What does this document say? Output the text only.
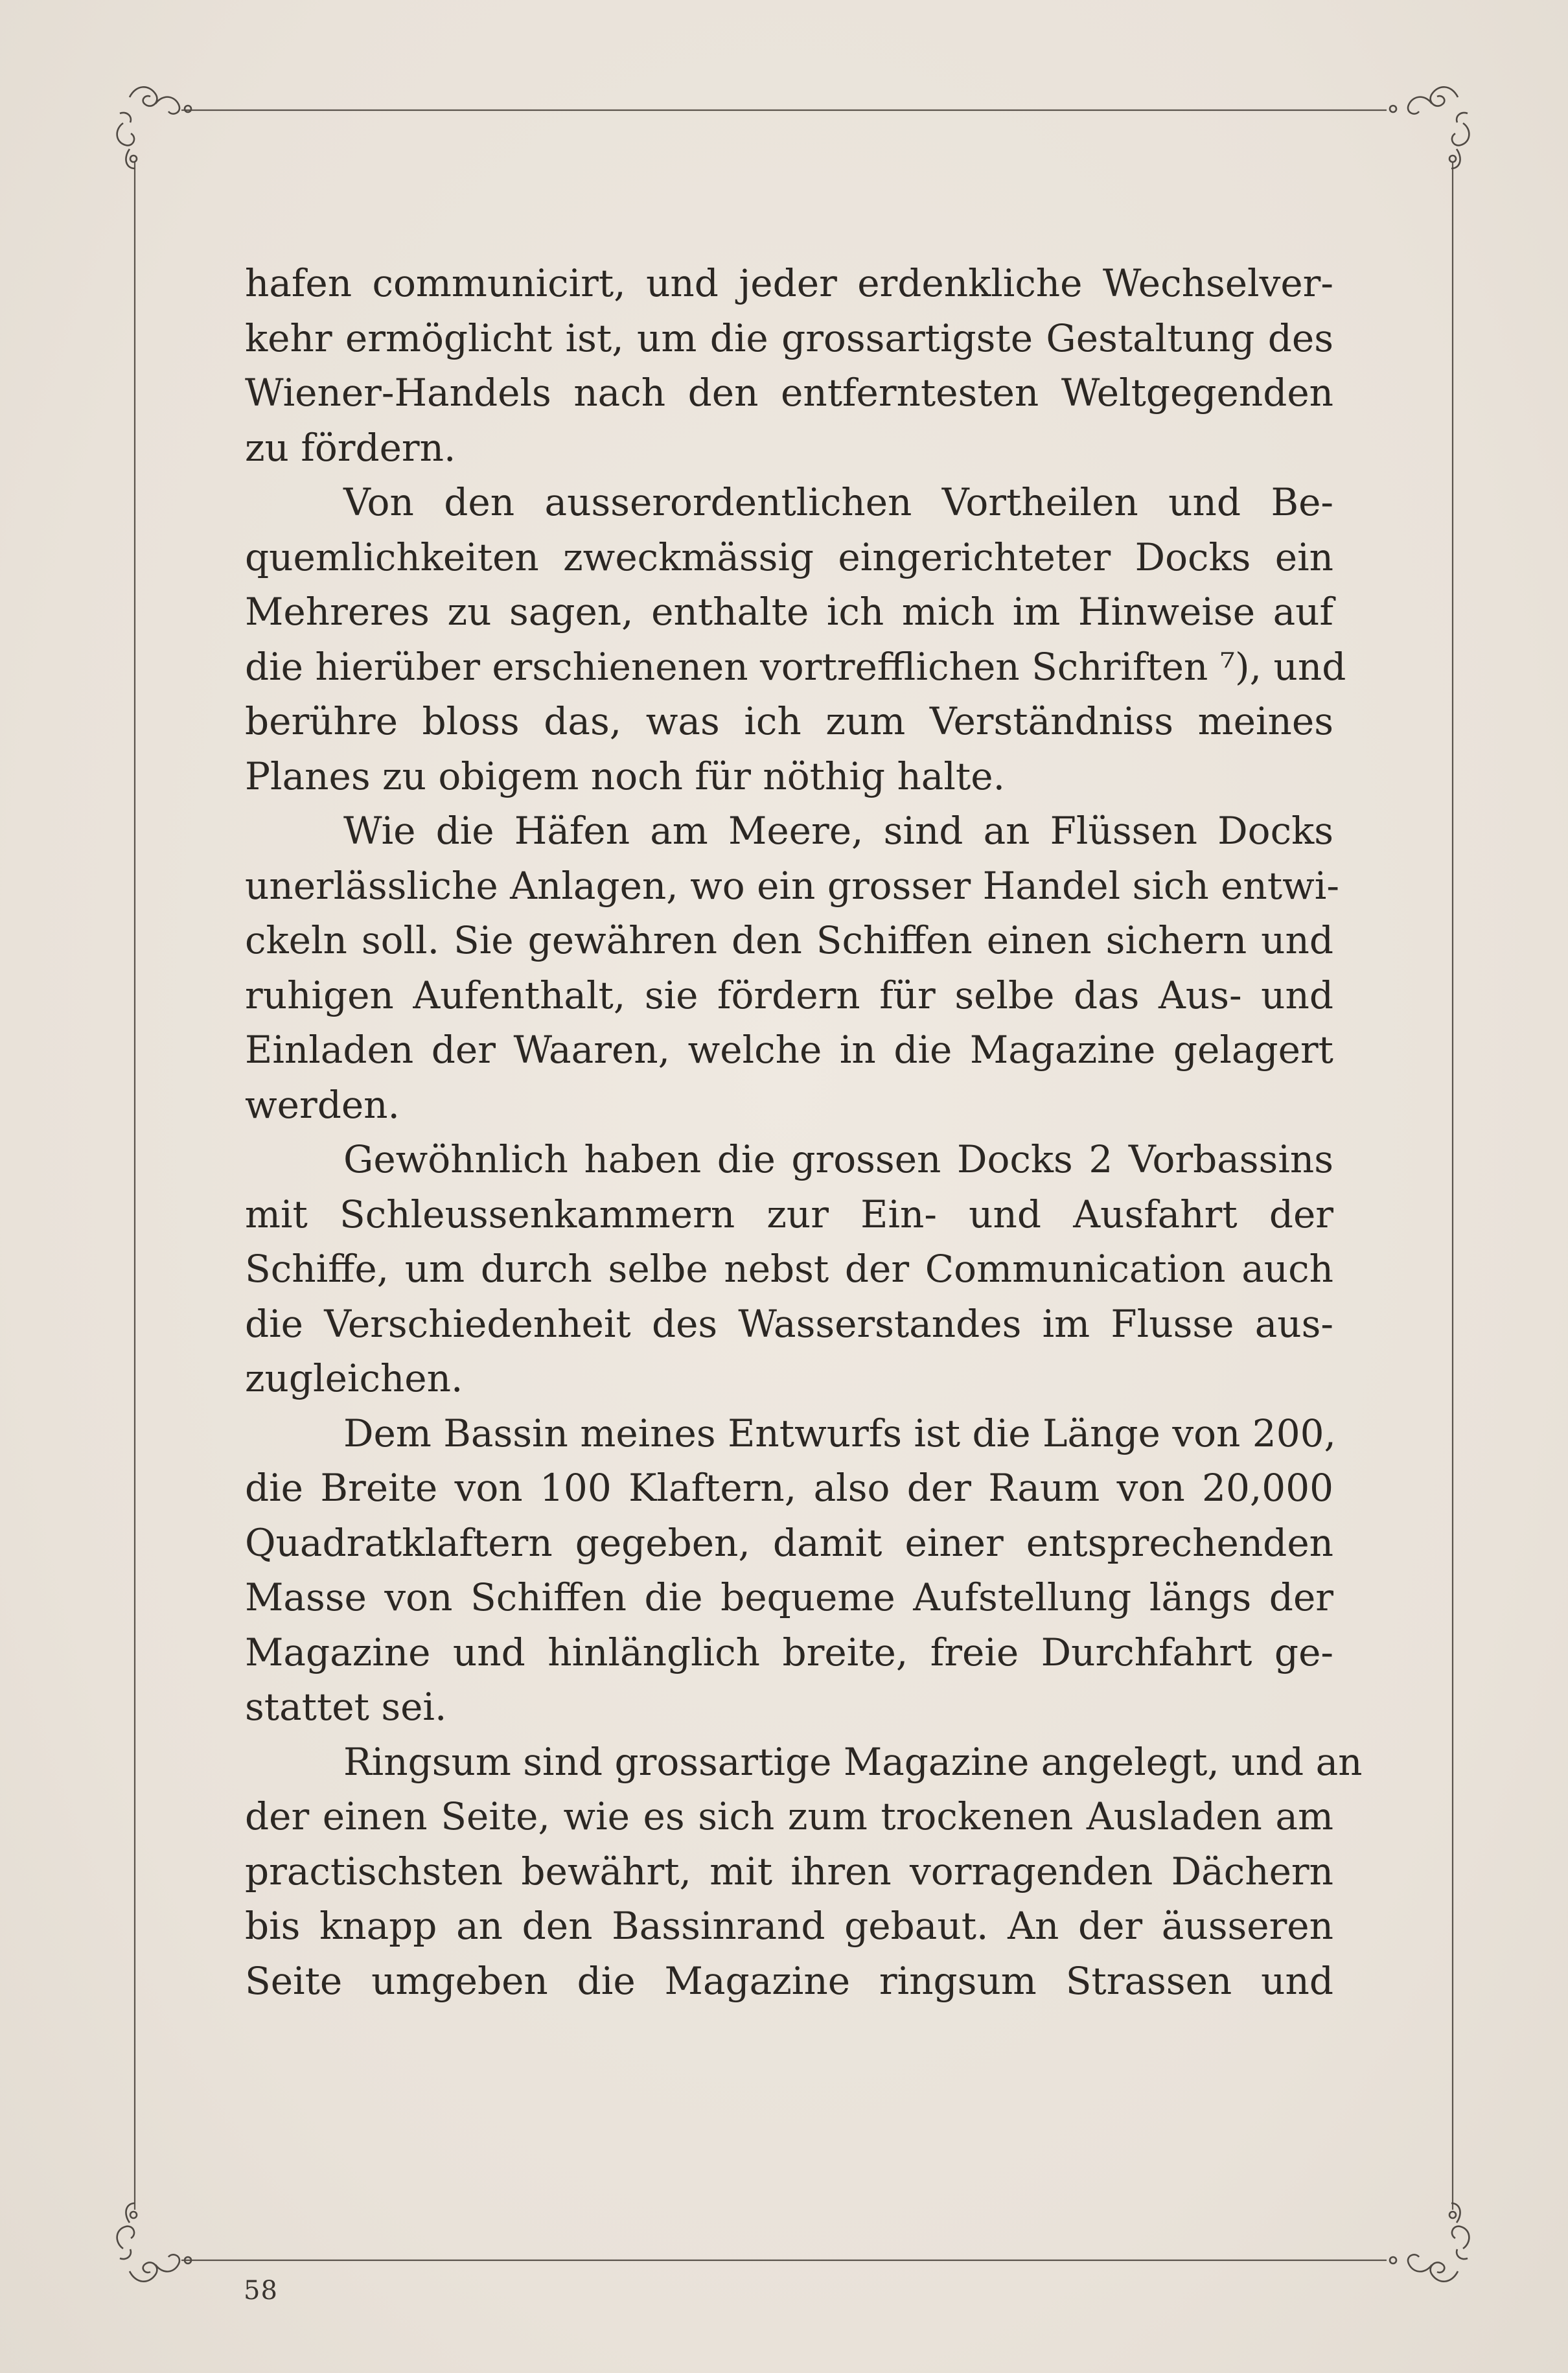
hafen communicirt, und jeder erdenkliche Wechselver-
kehr ermöglicht ist, um die grossartigste Gestaltung des
Wiener-Handels nach den entferntesten Weltgegenden
zu fördern.

Von den ausserordentlichen Vortheilen und Be-
quemlichkeiten zweckmässig eingerichteter Docks ein
Mehreres zu sagen, enthalte ich mich im Hinweise auf
die hierüber erschienenen vortrefflichen Schriften ⁷), und
berühre bloss das, was ich zum Verständniss meines
Planes zu obigem noch für nöthig halte.

Wie die Häfen am Meere, sind an Flüssen Docks
unerlässliche Anlagen, wo ein grosser Handel sich entwi-
ckeln soll. Sie gewähren den Schiffen einen sichern und
ruhigen Aufenthalt, sie fördern für selbe das Aus- und
Einladen der Waaren, welche in die Magazine gelagert
werden.

Gewöhnlich haben die grossen Docks 2 Vorbassins
mit Schleussenkammern zur Ein- und Ausfahrt der
Schiffe, um durch selbe nebst der Communication auch
die Verschiedenheit des Wasserstandes im Flusse aus-
zugleichen.

Dem Bassin meines Entwurfs ist die Länge von 200,
die Breite von 100 Klaftern, also der Raum von 20,000
Quadratklaftern gegeben, damit einer entsprechenden
Masse von Schiffen die bequeme Aufstellung längs der
Magazine und hinlänglich breite, freie Durchfahrt ge-
stattet sei.

Ringsum sind grossartige Magazine angelegt, und an
der einen Seite, wie es sich zum trockenen Ausladen am
practischsten bewährt, mit ihren vorragenden Dächern
bis knapp an den Bassinrand gebaut. An der äusseren
Seite umgeben die Magazine ringsum Strassen und

58
